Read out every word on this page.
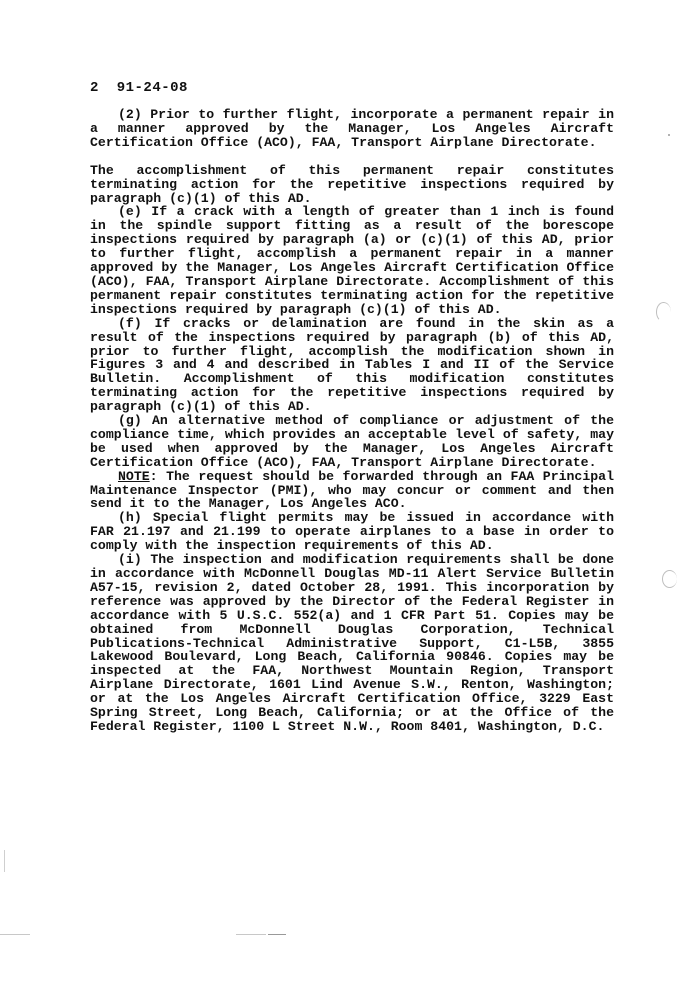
2 91-24-08

(2) Prior to further flight, incorporate a permanent repair in a manner approved by the Manager, Los Angeles Aircraft Certification Office (ACO), FAA, Transport Airplane Directorate.

The accomplishment of this permanent repair constitutes terminating action for the repetitive inspections required by paragraph (c)(1) of this AD.

(e) If a crack with a length of greater than 1 inch is found in the spindle support fitting as a result of the borescope inspections required by paragraph (a) or (c)(1) of this AD, prior to further flight, accomplish a permanent repair in a manner approved by the Manager, Los Angeles Aircraft Certification Office (ACO), FAA, Transport Airplane Directorate. Accomplishment of this permanent repair constitutes terminating action for the repetitive inspections required by paragraph (c)(1) of this AD.

(f) If cracks or delamination are found in the skin as a result of the inspections required by paragraph (b) of this AD, prior to further flight, accomplish the modification shown in Figures 3 and 4 and described in Tables I and II of the Service Bulletin. Accomplishment of this modification constitutes terminating action for the repetitive inspections required by paragraph (c)(1) of this AD.

(g) An alternative method of compliance or adjustment of the compliance time, which provides an acceptable level of safety, may be used when approved by the Manager, Los Angeles Aircraft Certification Office (ACO), FAA, Transport Airplane Directorate.

NOTE: The request should be forwarded through an FAA Principal Maintenance Inspector (PMI), who may concur or comment and then send it to the Manager, Los Angeles ACO.

(h) Special flight permits may be issued in accordance with FAR 21.197 and 21.199 to operate airplanes to a base in order to comply with the inspection requirements of this AD.

(i) The inspection and modification requirements shall be done in accordance with McDonnell Douglas MD-11 Alert Service Bulletin A57-15, revision 2, dated October 28, 1991. This incorporation by reference was approved by the Director of the Federal Register in accordance with 5 U.S.C. 552(a) and 1 CFR Part 51. Copies may be obtained from McDonnell Douglas Corporation, Technical Publications-Technical Administrative Support, C1-L5B, 3855 Lakewood Boulevard, Long Beach, California 90846. Copies may be inspected at the FAA, Northwest Mountain Region, Transport Airplane Directorate, 1601 Lind Avenue S.W., Renton, Washington; or at the Los Angeles Aircraft Certification Office, 3229 East Spring Street, Long Beach, California; or at the Office of the Federal Register, 1100 L Street N.W., Room 8401, Washington, D.C.
